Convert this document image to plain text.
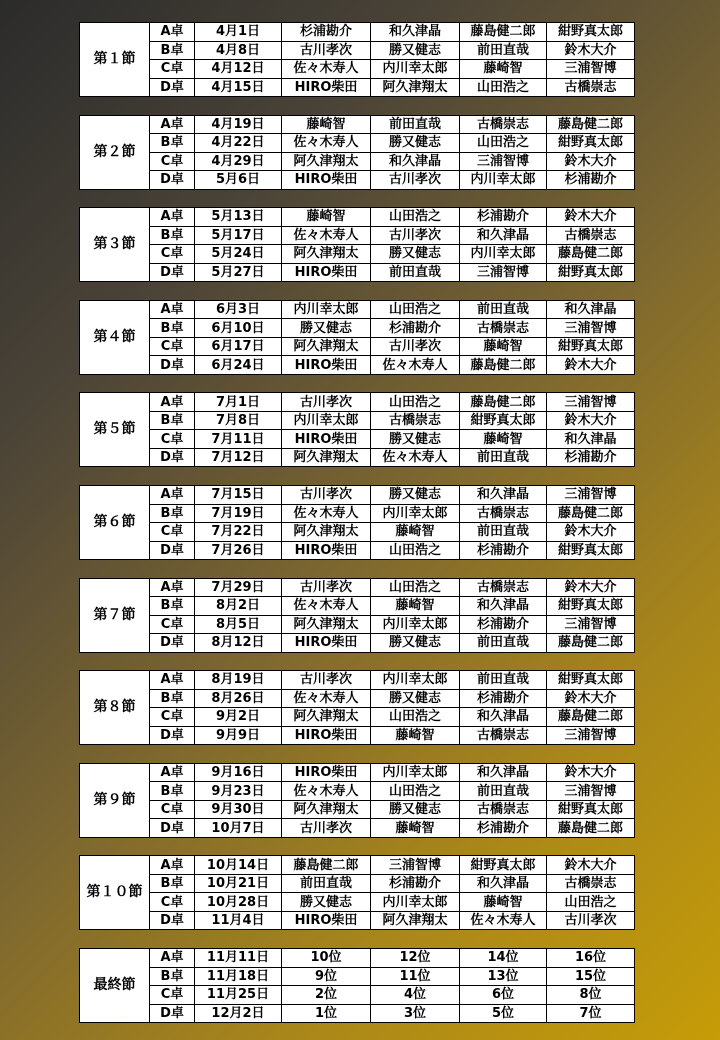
第１節	A卓	4月1日	杉浦勘介	和久津晶	藤島健二郎	紺野真太郎
	B卓	4月8日	古川孝次	勝又健志	前田直哉	鈴木大介
	C卓	4月12日	佐々木寿人	内川幸太郎	藤崎智	三浦智博
	D卓	4月15日	HIRO柴田	阿久津翔太	山田浩之	古橋崇志
第２節	A卓	4月19日	藤崎智	前田直哉	古橋崇志	藤島健二郎
	B卓	4月22日	佐々木寿人	勝又健志	山田浩之	紺野真太郎
	C卓	4月29日	阿久津翔太	和久津晶	三浦智博	鈴木大介
	D卓	5月6日	HIRO柴田	古川孝次	内川幸太郎	杉浦勘介
第３節	A卓	5月13日	藤崎智	山田浩之	杉浦勘介	鈴木大介
	B卓	5月17日	佐々木寿人	古川孝次	和久津晶	古橋崇志
	C卓	5月24日	阿久津翔太	勝又健志	内川幸太郎	藤島健二郎
	D卓	5月27日	HIRO柴田	前田直哉	三浦智博	紺野真太郎
第４節	A卓	6月3日	内川幸太郎	山田浩之	前田直哉	和久津晶
	B卓	6月10日	勝又健志	杉浦勘介	古橋崇志	三浦智博
	C卓	6月17日	阿久津翔太	古川孝次	藤崎智	紺野真太郎
	D卓	6月24日	HIRO柴田	佐々木寿人	藤島健二郎	鈴木大介
第５節	A卓	7月1日	古川孝次	山田浩之	藤島健二郎	三浦智博
	B卓	7月8日	内川幸太郎	古橋崇志	紺野真太郎	鈴木大介
	C卓	7月11日	HIRO柴田	勝又健志	藤崎智	和久津晶
	D卓	7月12日	阿久津翔太	佐々木寿人	前田直哉	杉浦勘介
第６節	A卓	7月15日	古川孝次	勝又健志	和久津晶	三浦智博
	B卓	7月19日	佐々木寿人	内川幸太郎	古橋崇志	藤島健二郎
	C卓	7月22日	阿久津翔太	藤崎智	前田直哉	鈴木大介
	D卓	7月26日	HIRO柴田	山田浩之	杉浦勘介	紺野真太郎
第７節	A卓	7月29日	古川孝次	山田浩之	古橋崇志	鈴木大介
	B卓	8月2日	佐々木寿人	藤崎智	和久津晶	紺野真太郎
	C卓	8月5日	阿久津翔太	内川幸太郎	杉浦勘介	三浦智博
	D卓	8月12日	HIRO柴田	勝又健志	前田直哉	藤島健二郎
第８節	A卓	8月19日	古川孝次	内川幸太郎	前田直哉	紺野真太郎
	B卓	8月26日	佐々木寿人	勝又健志	杉浦勘介	鈴木大介
	C卓	9月2日	阿久津翔太	山田浩之	和久津晶	藤島健二郎
	D卓	9月9日	HIRO柴田	藤崎智	古橋崇志	三浦智博
第９節	A卓	9月16日	HIRO柴田	内川幸太郎	和久津晶	鈴木大介
	B卓	9月23日	佐々木寿人	山田浩之	前田直哉	三浦智博
	C卓	9月30日	阿久津翔太	勝又健志	古橋崇志	紺野真太郎
	D卓	10月7日	古川孝次	藤崎智	杉浦勘介	藤島健二郎
第１０節	A卓	10月14日	藤島健二郎	三浦智博	紺野真太郎	鈴木大介
	B卓	10月21日	前田直哉	杉浦勘介	和久津晶	古橋崇志
	C卓	10月28日	勝又健志	内川幸太郎	藤崎智	山田浩之
	D卓	11月4日	HIRO柴田	阿久津翔太	佐々木寿人	古川孝次
最終節	A卓	11月11日	10位	12位	14位	16位
	B卓	11月18日	9位	11位	13位	15位
	C卓	11月25日	2位	4位	6位	8位
	D卓	12月2日	1位	3位	5位	7位
